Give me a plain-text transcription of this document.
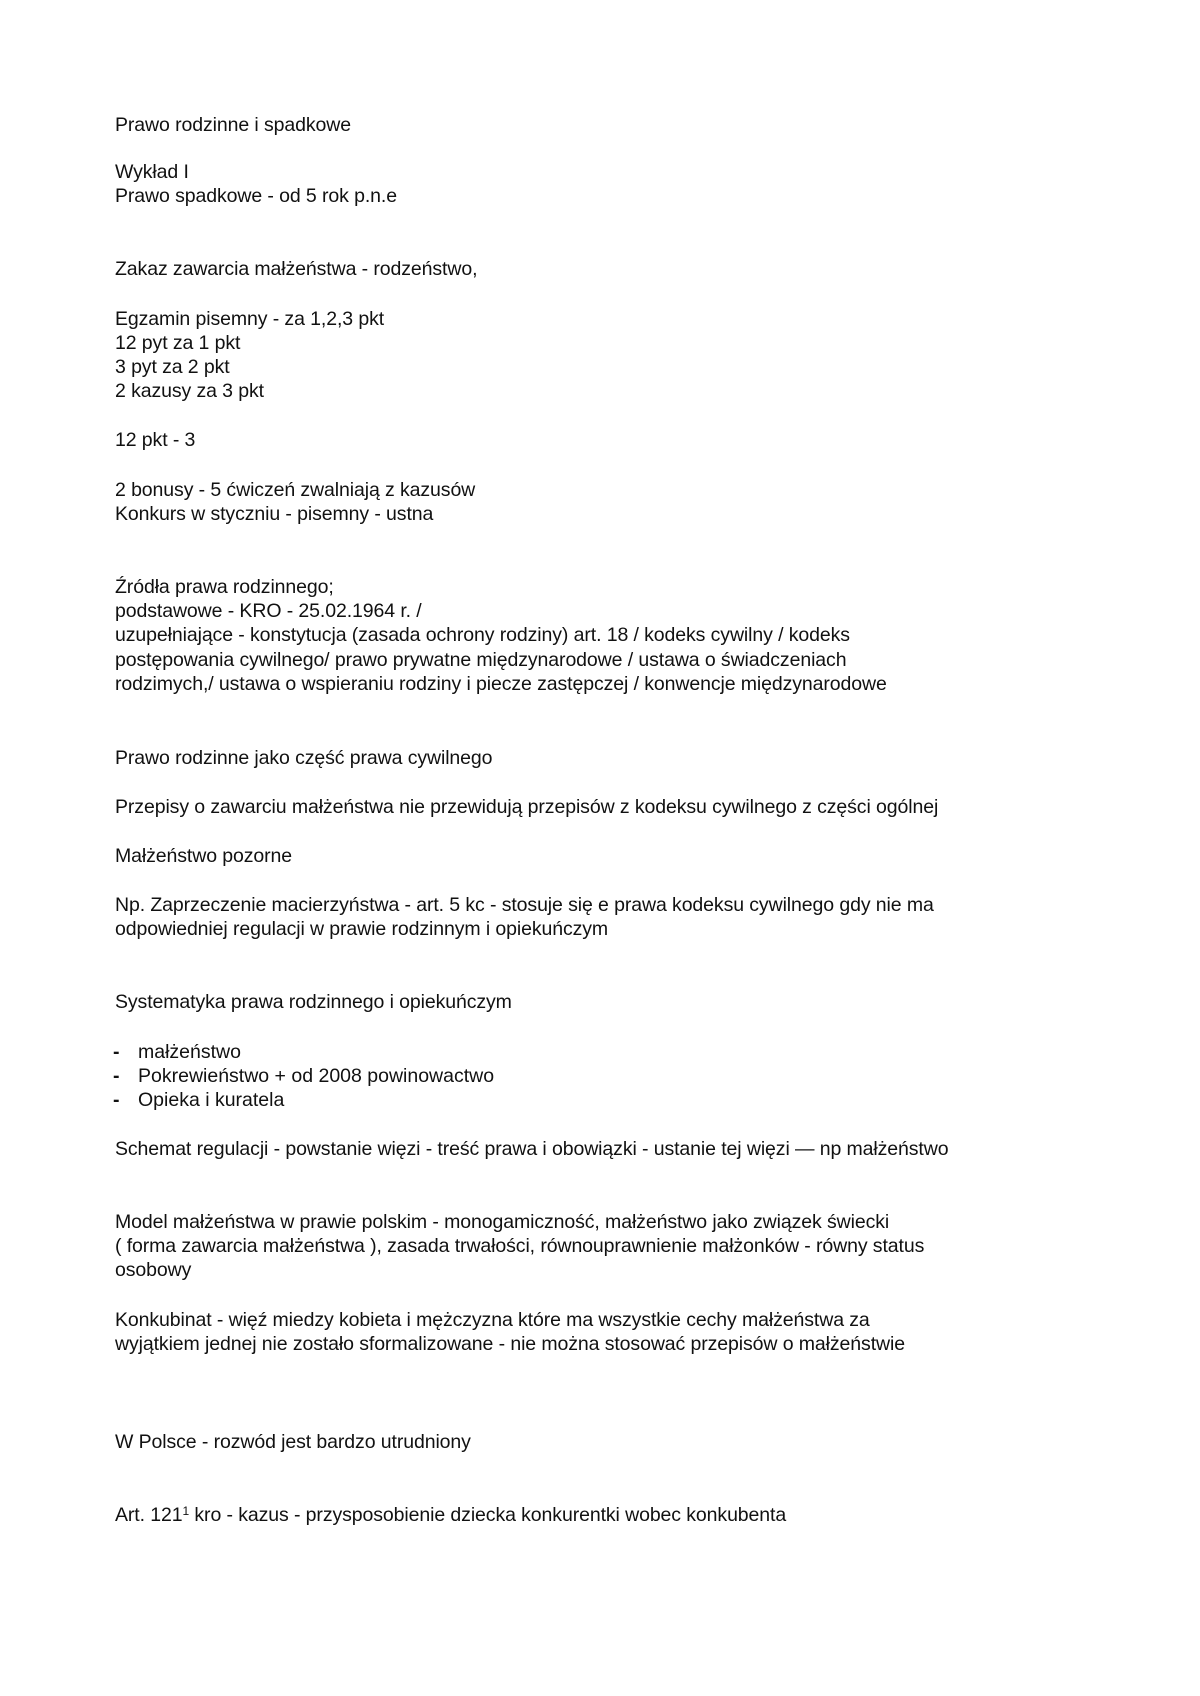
Prawo rodzinne i spadkowe
Wykład I
Prawo spadkowe - od 5 rok p.n.e
Zakaz zawarcia małżeństwa - rodzeństwo,
Egzamin pisemny - za 1,2,3 pkt
12 pyt za 1 pkt
3 pyt za 2 pkt
2 kazusy za 3 pkt
12 pkt - 3
2 bonusy - 5 ćwiczeń zwalniają z kazusów
Konkurs w styczniu - pisemny - ustna
Źródła prawa rodzinnego;
podstawowe - KRO - 25.02.1964 r. /
uzupełniające - konstytucja (zasada ochrony rodziny) art. 18 / kodeks cywilny / kodeks
postępowania cywilnego/ prawo prywatne międzynarodowe / ustawa o świadczeniach
rodzimych,/ ustawa o wspieraniu rodziny i piecze zastępczej / konwencje międzynarodowe
Prawo rodzinne jako część prawa cywilnego
Przepisy o zawarciu małżeństwa nie przewidują przepisów z kodeksu cywilnego z części ogólnej
Małżeństwo pozorne
Np. Zaprzeczenie macierzyństwa - art. 5 kc - stosuje się e prawa kodeksu cywilnego gdy nie ma
odpowiedniej regulacji w prawie rodzinnym i opiekuńczym
Systematyka prawa rodzinnego i opiekuńczym
- małżeństwo
- Pokrewieństwo + od 2008 powinowactwo
- Opieka i kuratela
Schemat regulacji - powstanie więzi - treść prawa i obowiązki - ustanie tej więzi — np małżeństwo
Model małżeństwa w prawie polskim - monogamiczność, małżeństwo jako związek świecki
( forma zawarcia małżeństwa ), zasada trwałości, równouprawnienie małżonków - równy status
osobowy
Konkubinat - więź miedzy kobieta i mężczyzna które ma wszystkie cechy małżeństwa za
wyjątkiem jednej nie zostało sformalizowane - nie można stosować przepisów o małżeństwie
W Polsce - rozwód jest bardzo utrudniony
Art. $121^1$ kro - kazus - przysposobienie dziecka konkurentki wobec konkubenta
